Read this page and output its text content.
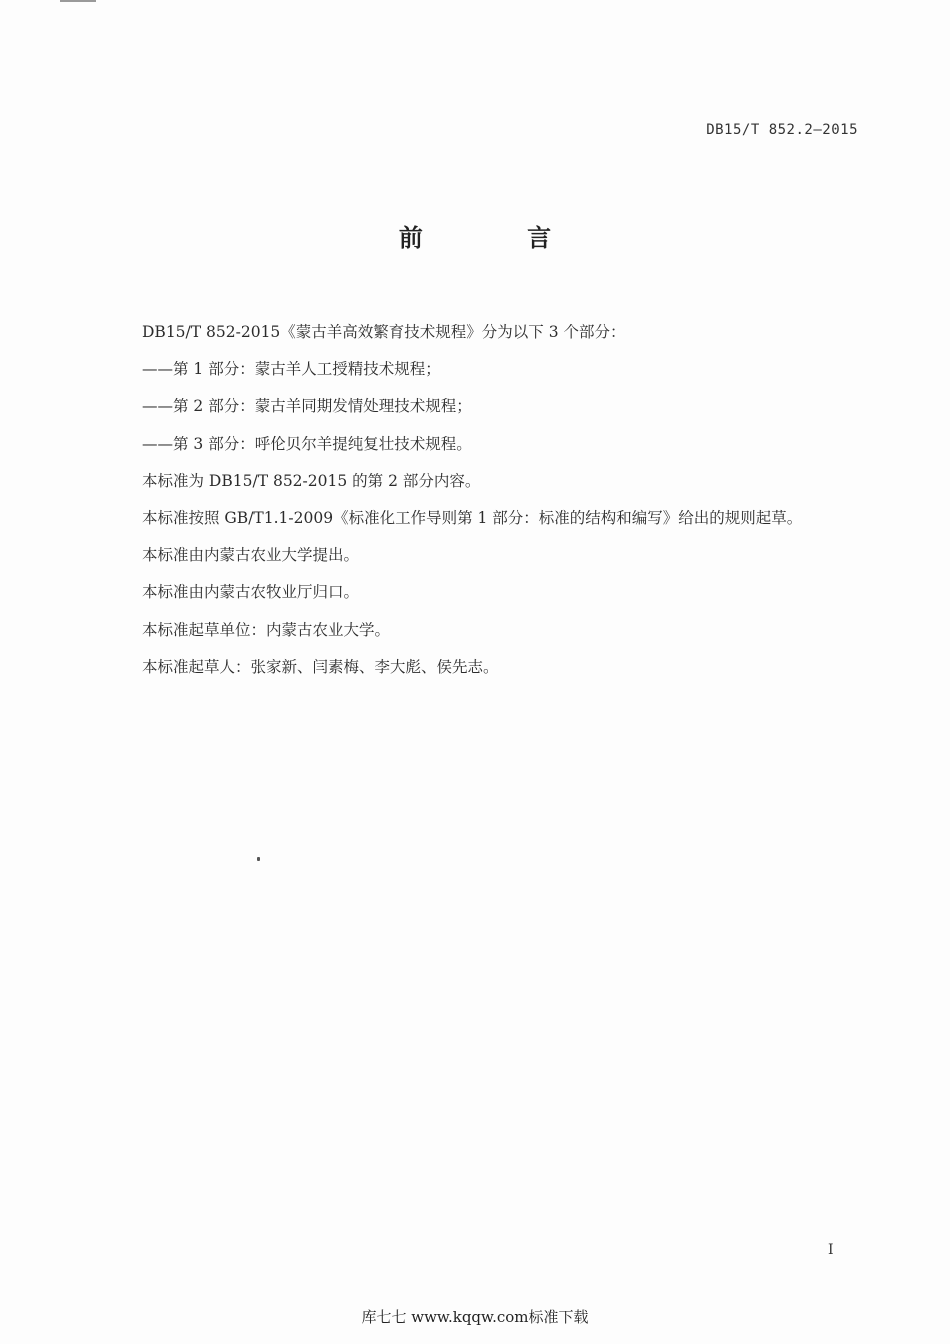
DB15/T 852.2—2015
前 言
DB15/T 852-2015《蒙古羊高效繁育技术规程》分为以下 3 个部分：
——第 1 部分：蒙古羊人工授精技术规程；
——第 2 部分：蒙古羊同期发情处理技术规程；
——第 3 部分：呼伦贝尔羊提纯复壮技术规程。
本标准为 DB15/T 852-2015 的第 2 部分内容。
本标准按照 GB/T1.1-2009《标准化工作导则第 1 部分：标准的结构和编写》给出的规则起草。
本标准由内蒙古农业大学提出。
本标准由内蒙古农牧业厅归口。
本标准起草单位：内蒙古农业大学。
本标准起草人：张家新、闫素梅、李大彪、侯先志。
I
库七七 www.kqqw.com标准下载
